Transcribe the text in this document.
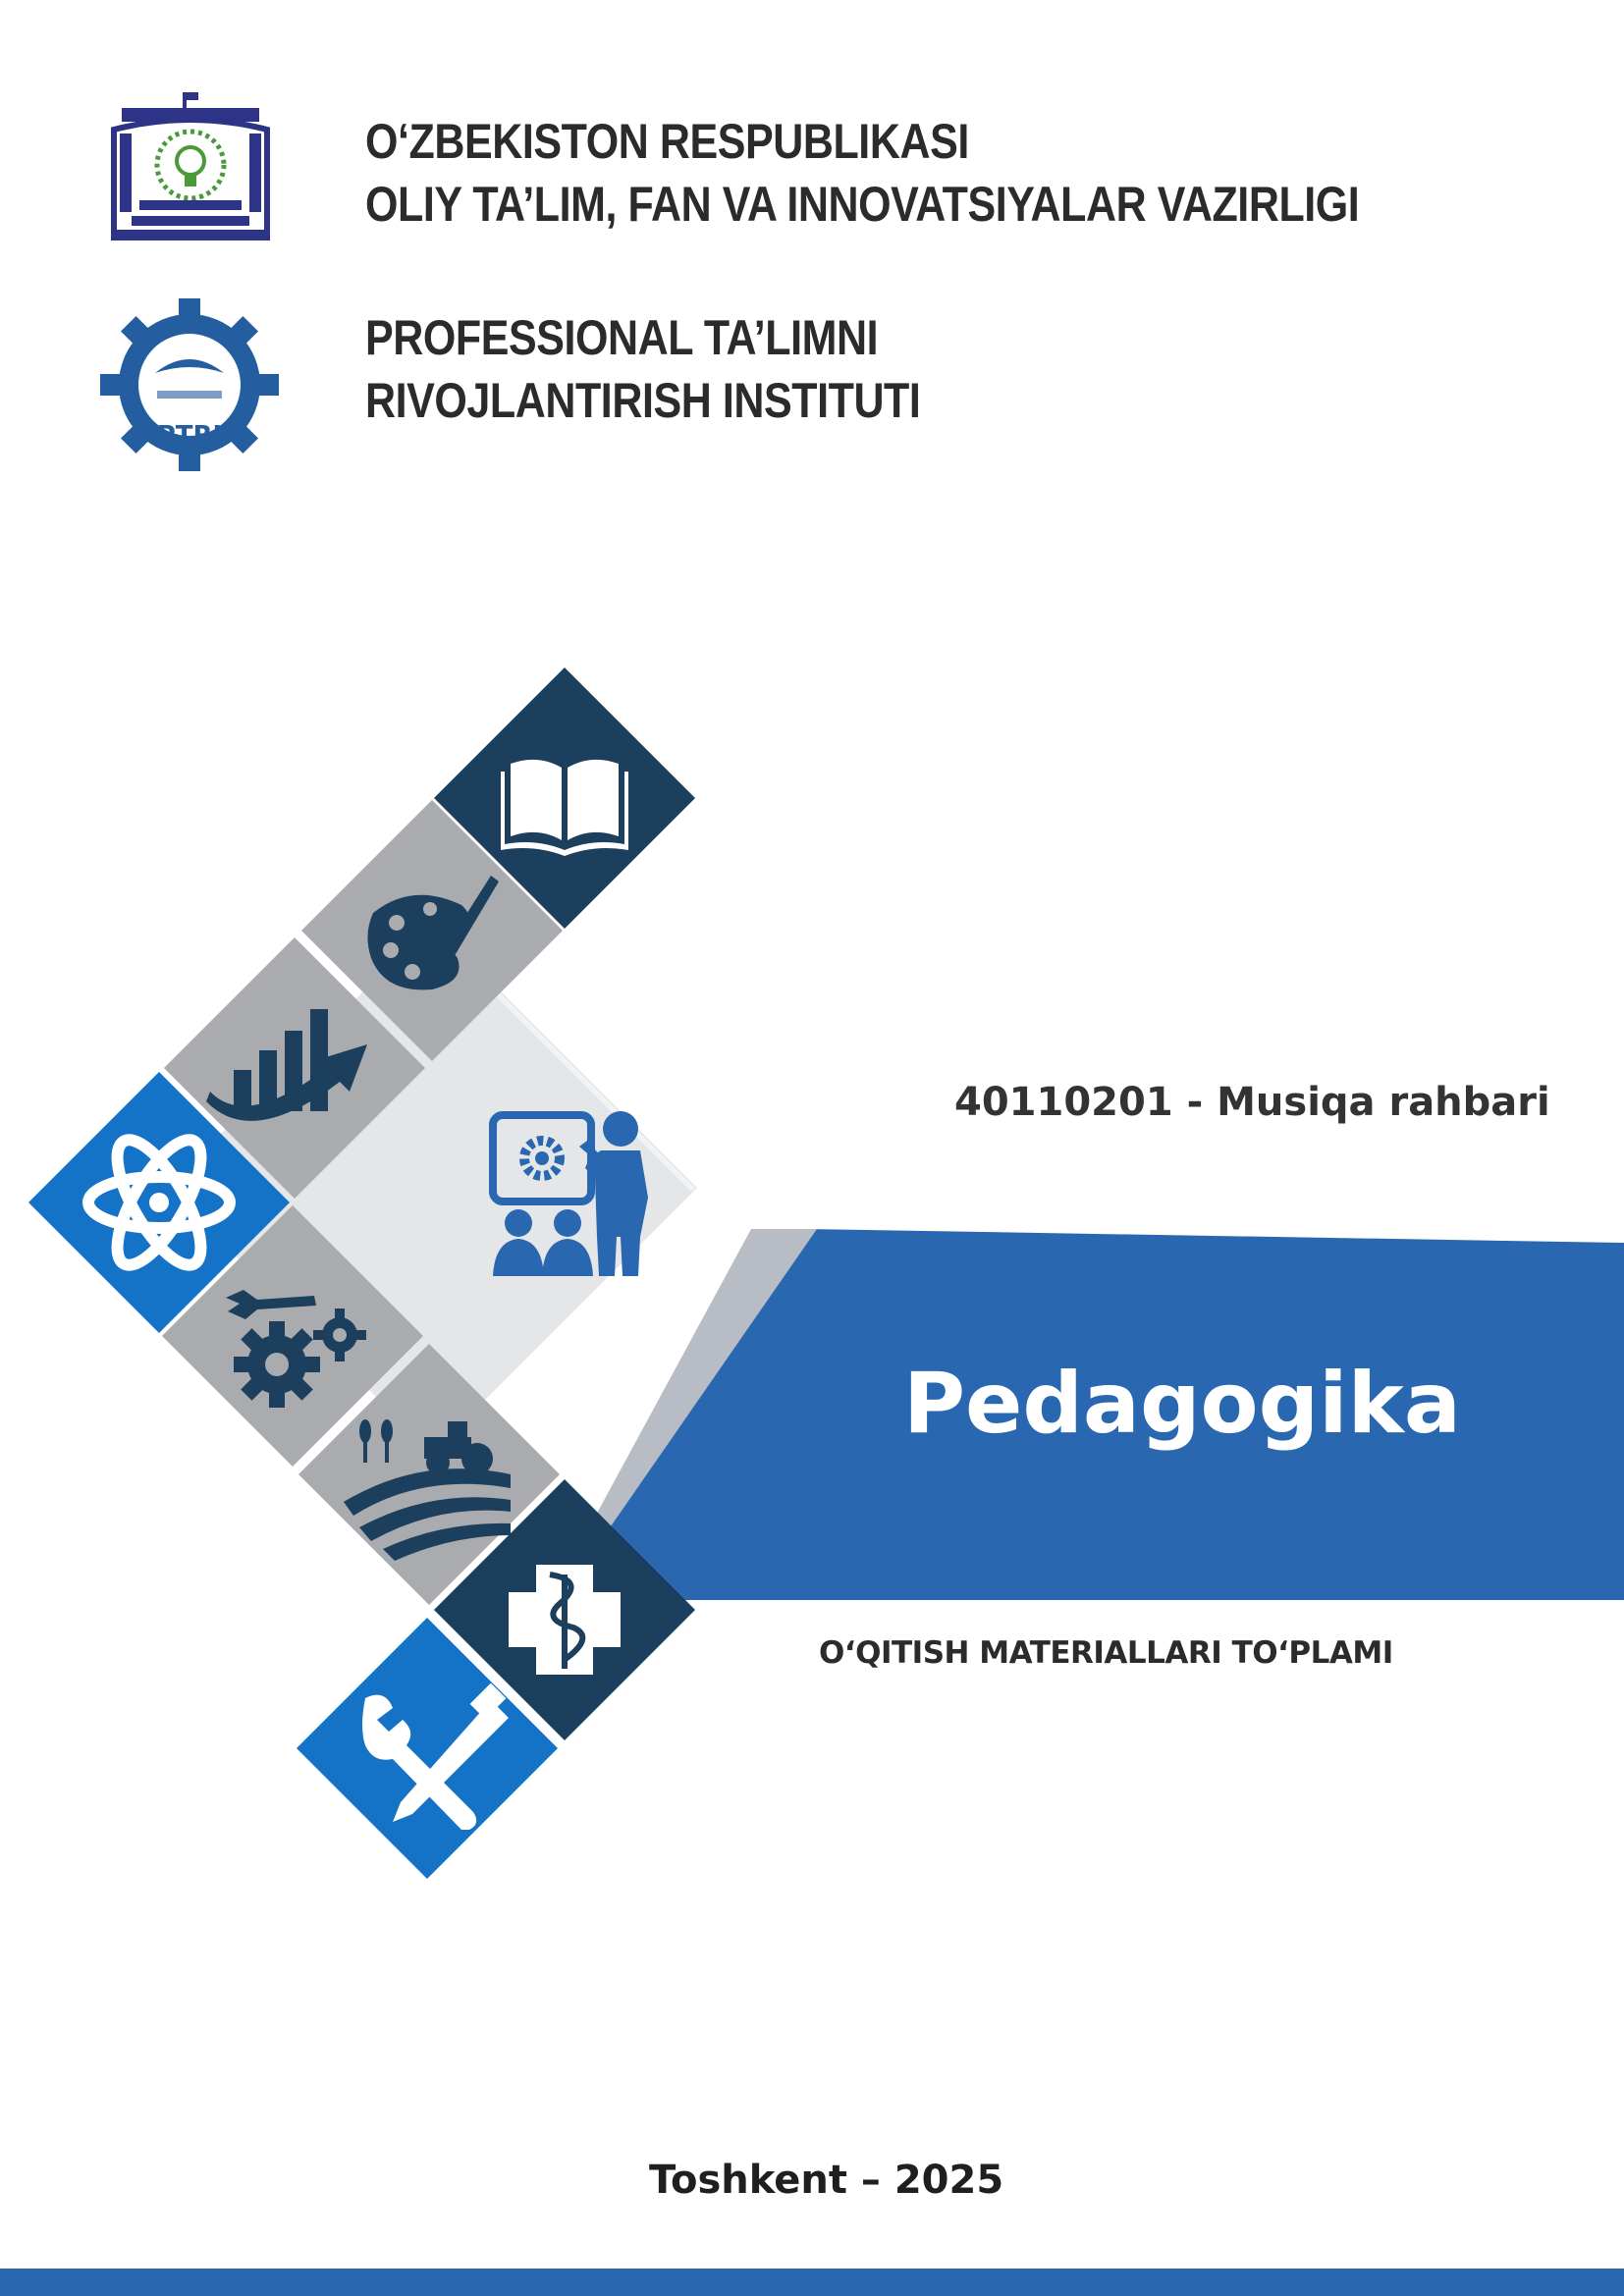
PTRI
O‘ZBEKISTON RESPUBLIKASI
OLIY TA’LIM, FAN VA INNOVATSIYALAR VAZIRLIGI
PROFESSIONAL TA’LIMNI
RIVOJLANTIRISH INSTITUTI
40110201 - Musiqa rahbari
Pedagogika
O‘QITISH MATERIALLARI TO‘PLAMI
Toshkent – 2025
